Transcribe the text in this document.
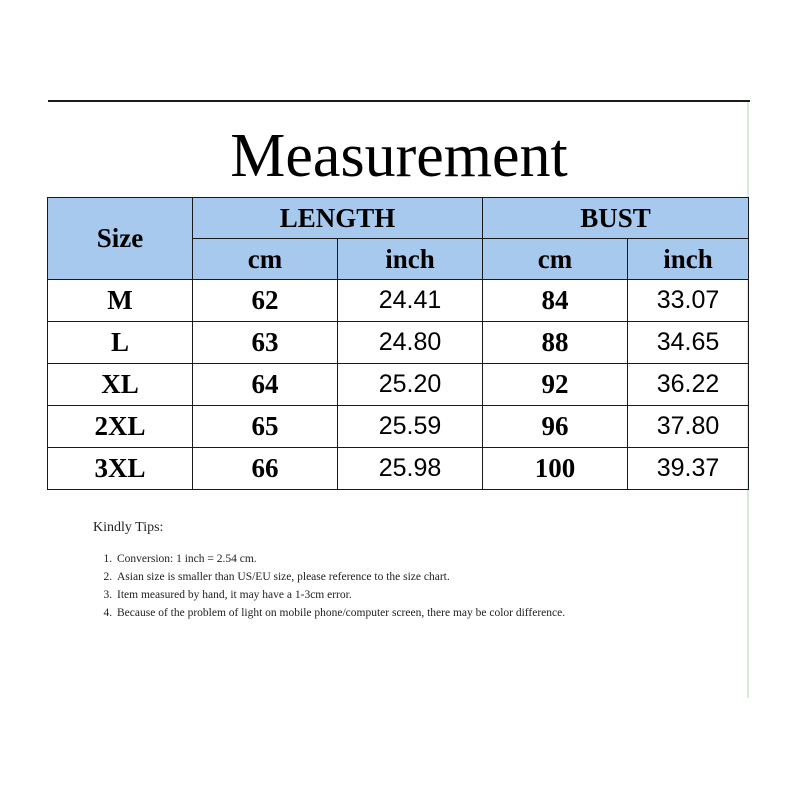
Measurement
Size	LENGTH		BUST	
	cm	inch	cm	inch
M	62	24.41	84	33.07
L	63	24.80	88	34.65
XL	64	25.20	92	36.22
2XL	65	25.59	96	37.80
3XL	66	25.98	100	39.37
Kindly Tips:
1. Conversion: 1 inch = 2.54 cm.
2. Asian size is smaller than US/EU size, please reference to the size chart.
3. Item measured by hand, it may have a 1-3cm error.
4. Because of the problem of light on mobile phone/computer screen, there may be color difference.
